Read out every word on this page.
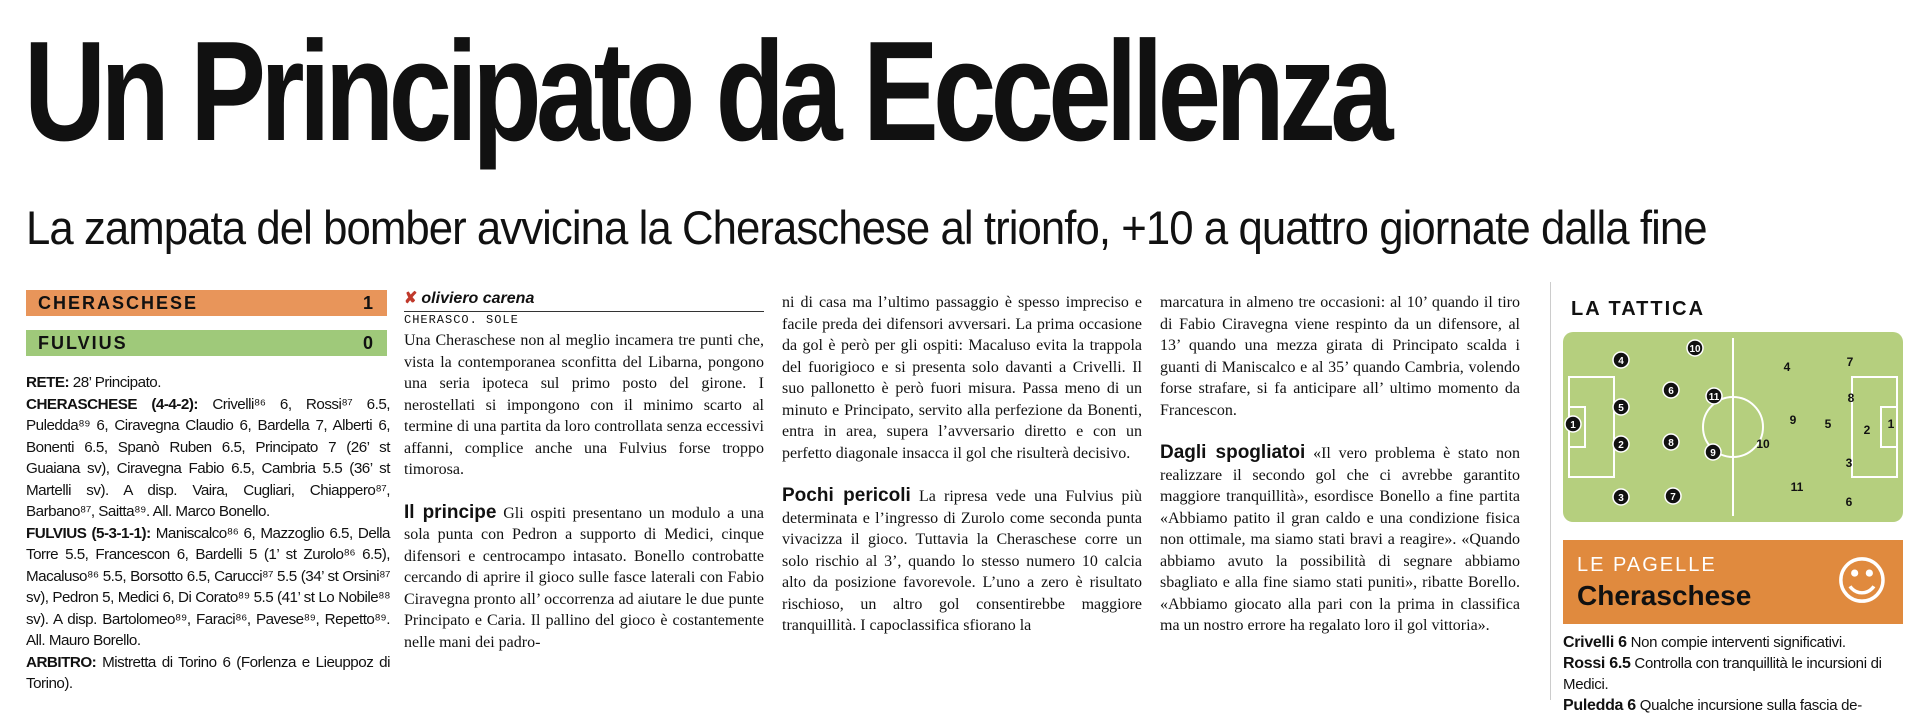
Un Principato da Eccellenza
La zampata del bomber avvicina la Cheraschese al trionfo, +10 a quattro giornate dalla fine
CHERASCHESE	1
FULVIUS	0

RETE: 28’ Principato.

CHERASCHESE (4-4-2): Crivelli⁸⁶ 6, Rossi⁸⁷ 6.5, Puledda⁸⁹ 6, Ciravegna Claudio 6, Bardella 7, Alberti 6, Bonenti 6.5, Spanò Ruben 6.5, Principato 7 (26’ st Guaiana sv), Ciravegna Fabio 6.5, Cambria 5.5 (36’ st Martelli sv). A disp. Vaira, Cugliari, Chiappero⁸⁷, Barbano⁸⁷, Saitta⁸⁹. All. Marco Bonello.

FULVIUS (5-3-1-1): Maniscalco⁸⁶ 6, Mazzoglio 6.5, Della Torre 5.5, Francescon 6, Bardelli 5 (1’ st Zurolo⁸⁶ 6.5), Macaluso⁸⁶ 5.5, Borsotto 6.5, Carucci⁸⁷ 5.5 (34’ st Orsini⁸⁷ sv), Pedron 5, Medici 6, Di Corato⁸⁹ 5.5 (41’ st Lo Nobile⁸⁸ sv). A disp. Bartolomeo⁸⁹, Faraci⁸⁶, Pavese⁸⁹, Repetto⁸⁹. All. Mauro Borello.

ARBITRO: Mistretta di Torino 6 (Forlenza e Lieuppoz di Torino).

✘ oliviero carena
CHERASCO. SOLE

Una Cheraschese non al meglio incamera tre punti che, vista la contemporanea sconfitta del Libarna, pongono una seria ipoteca sul primo posto del girone. I nerostellati si impongono con il minimo scarto al termine di una partita da loro controllata senza eccessivi affanni, complice anche una Fulvius forse troppo timorosa.

Il principe Gli ospiti presentano un modulo a una sola punta con Pedron a supporto di Medici, cinque difensori e centrocampo intasato. Bonello controbatte cercando di aprire il gioco sulle fasce laterali con Fabio Ciravegna pronto all’ occorrenza ad aiutare le due punte Principato e Caria. Il pallino del gioco è costantemente nelle mani dei padro-

ni di casa ma l’ultimo passaggio è spesso impreciso e facile preda dei difensori avversari. La prima occasione da gol è però per gli ospiti: Macaluso evita la trappola del fuorigioco e si presenta solo davanti a Crivelli. Il suo pallonetto è però fuori misura. Passa meno di un minuto e Principato, servito alla perfezione da Bonenti, entra in area, supera l’avversario diretto e con un perfetto diagonale insacca il gol che risulterà decisivo.

Pochi pericoli La ripresa vede una Fulvius più determinata e l’ingresso di Zurolo come seconda punta vivacizza il gioco. Tuttavia la Cheraschese corre un solo rischio al 3’, quando lo stesso numero 10 calcia alto da posizione favorevole. L’uno a zero è risultato rischioso, un altro gol consentirebbe maggiore tranquillità. I capoclassifica sfiorano la

marcatura in almeno tre occasioni: al 10’ quando il tiro di Fabio Ciravegna viene respinto da un difensore, al 13’ quando una mezza girata di Principato scalda i guanti di Maniscalco e al 35’ quando Cambria, volendo forse strafare, si fa anticipare all’ ultimo momento da Francescon.

Dagli spogliatoi «Il vero problema è stato non realizzare il secondo gol che ci avrebbe garantito maggiore tranquillità», esordisce Bonello a fine partita «Abbiamo patito il gran caldo e una condizione fisica non ottimale, ma siamo stati bravi a reagire». «Quando abbiamo avuto la possibilità di segnare abbiamo sbagliato e alla fine siamo stati puniti», ribatte Borello. «Abbiamo giocato alla pari con la prima in classifica ma un nostro errore ha regalato loro il gol vittoria».

LA TATTICA
1
2
3
4
5
6
7
8
9
10
11
1
2
3
4
5
6
7
8
9
10
11
LE PAGELLE
Cheraschese ☺

Crivelli 6 Non compie interventi significativi.

Rossi 6.5 Controlla con tranquillità le incursioni di Medici.

Puledda 6 Qualche incursione sulla fascia de-
